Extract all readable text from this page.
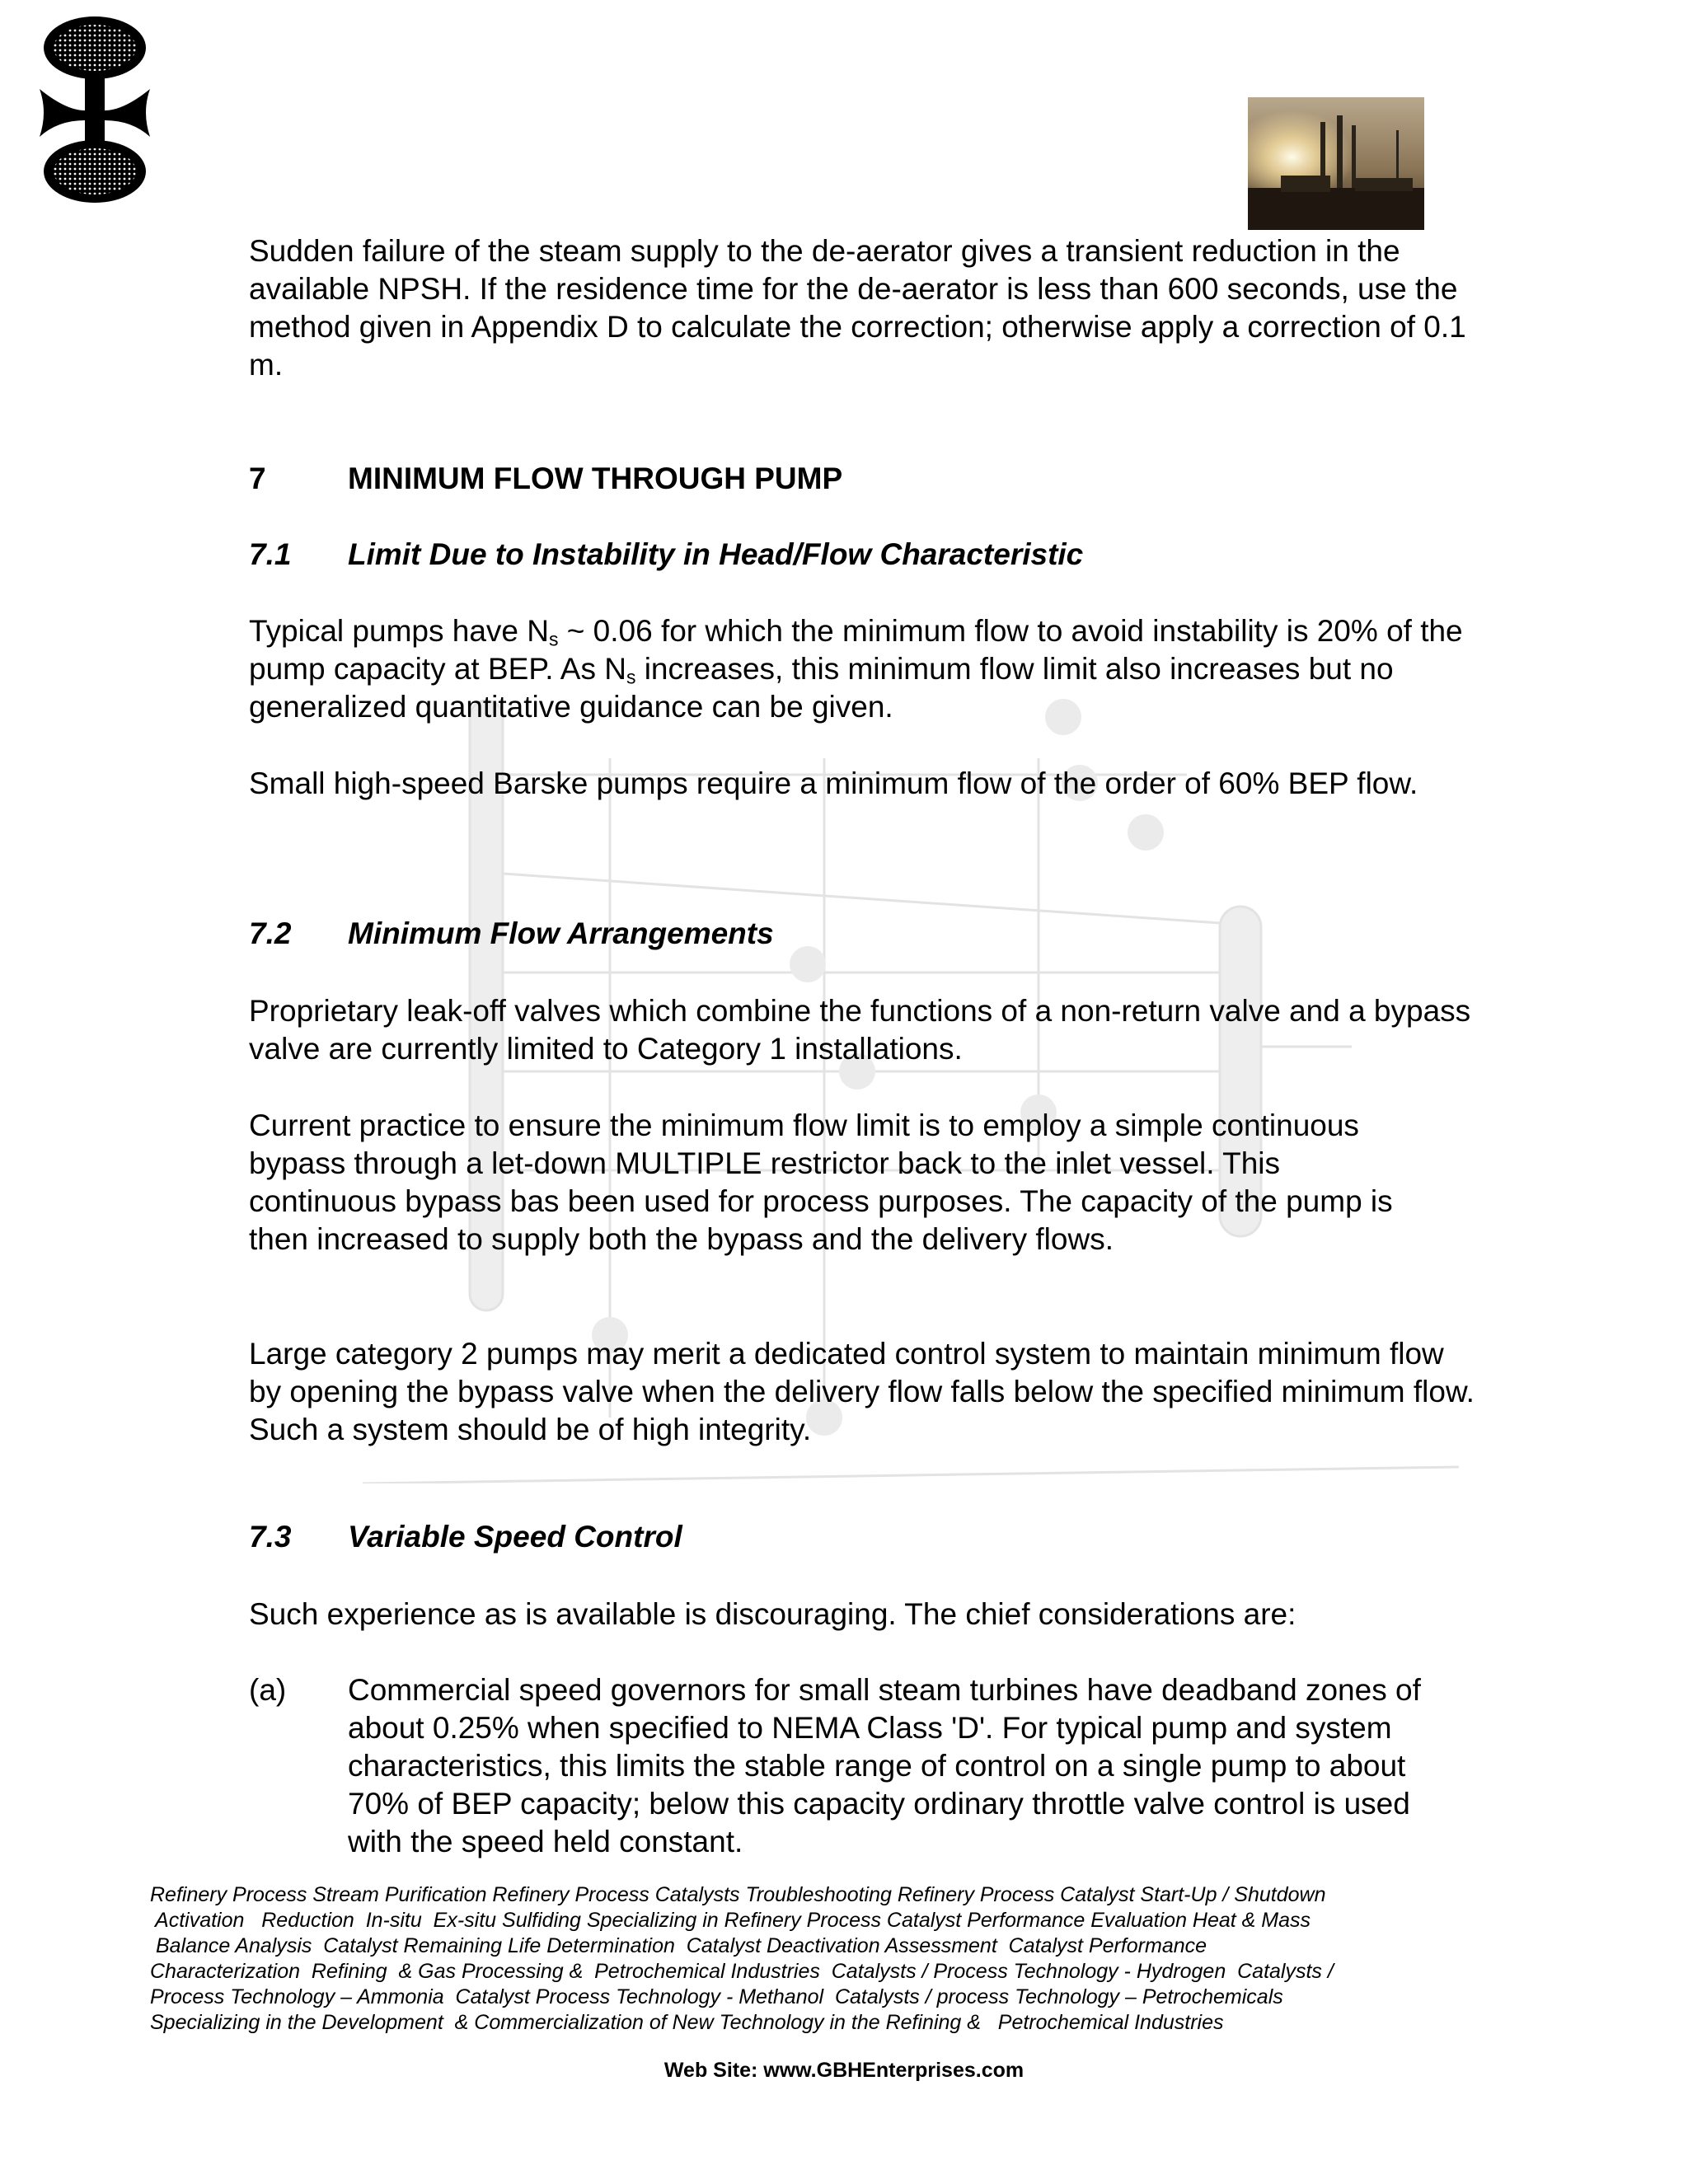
Sudden failure of the steam supply to the de-aerator gives a transient reduction in the available NPSH. If the residence time for the de-aerator is less than 600 seconds, use the method given in Appendix D to calculate the correction; otherwise apply a correction of 0.1 m.
7	MINIMUM FLOW THROUGH PUMP
7.1 Limit Due to Instability in Head/Flow Characteristic
Typical pumps have $N_s$ ~ 0.06 for which the minimum flow to avoid instability is 20% of the pump capacity at BEP. As $N_s$ increases, this minimum flow limit also increases but no generalized quantitative guidance can be given.
Small high-speed Barske pumps require a minimum flow of the order of 60% BEP flow.
7.2 Minimum Flow Arrangements
Proprietary leak-off valves which combine the functions of a non-return valve and a bypass valve are currently limited to Category 1 installations.
Current practice to ensure the minimum flow limit is to employ a simple continuous bypass through a let-down MULTIPLE restrictor back to the inlet vessel. This continuous bypass bas been used for process purposes. The capacity of the pump is then increased to supply both the bypass and the delivery flows.
Large category 2 pumps may merit a dedicated control system to maintain minimum flow by opening the bypass valve when the delivery flow falls below the specified minimum flow. Such a system should be of high integrity.
7.3 Variable Speed Control
Such experience as is available is discouraging. The chief considerations are:
(a) Commercial speed governors for small steam turbines have deadband zones of about 0.25% when specified to NEMA Class 'D'. For typical pump and system characteristics, this limits the stable range of control on a single pump to about 70% of BEP capacity; below this capacity ordinary throttle valve control is used with the speed held constant.
Refinery Process Stream Purification Refinery Process Catalysts Troubleshooting Refinery Process Catalyst Start-Up / Shutdown
Activation   Reduction  In-situ  Ex-situ Sulfiding Specializing in Refinery Process Catalyst Performance Evaluation Heat & Mass
Balance Analysis  Catalyst Remaining Life Determination  Catalyst Deactivation Assessment  Catalyst Performance
Characterization  Refining  & Gas Processing &  Petrochemical Industries  Catalysts / Process Technology - Hydrogen  Catalysts /
Process Technology – Ammonia  Catalyst Process Technology - Methanol  Catalysts / process Technology – Petrochemicals
Specializing in the Development  & Commercialization of New Technology in the Refining &   Petrochemical Industries
Web Site: www.GBHEnterprises.com
